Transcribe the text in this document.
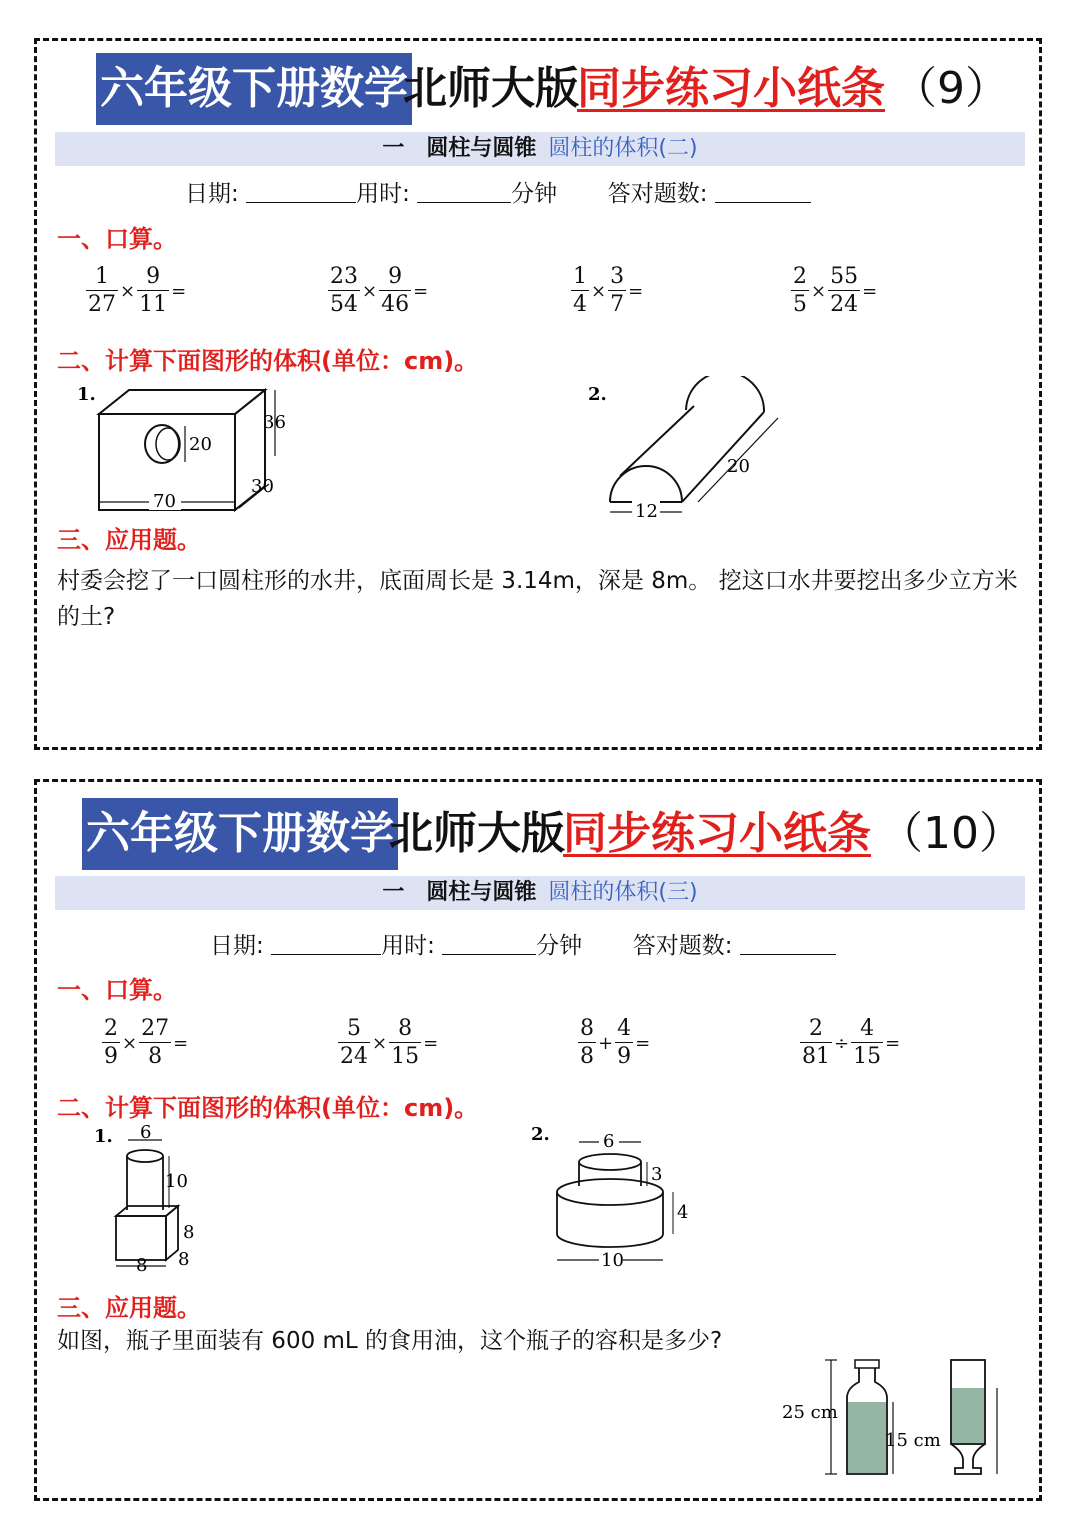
六年级下册数学
北师大版
同步练习小纸条 （9）
一　圆柱与圆锥 圆柱的体积(二)
日期:	用时:	分钟 答对题数:
一、口算。
$\frac{1}{27} \times \frac{9}{11}$ =	$\frac{23}{54} \times \frac{9}{46}$ =	$\frac{1}{4} \times \frac{3}{7}$ =	$\frac{2}{5} \times \frac{55}{24}$ =
二、计算下面图形的体积(单位：cm)。
1.
20
36
70
30
2.
20
12
三、应用题。
村委会挖了一口圆柱形的水井，底面周长是 3.14m，深是 8m。 挖这口水井要挖出多少立方米的土?
六年级下册数学
北师大版
同步练习小纸条 （10）
一　圆柱与圆锥 圆柱的体积(三)
日期:	用时:	分钟 答对题数:
一、口算。
$\frac{2}{9} \times \frac{27}{8}$ =	$\frac{5}{24} \times \frac{8}{15}$ =	$\frac{8}{8} + \frac{4}{9}$ =	$\frac{2}{81} \div \frac{4}{15}$ =
二、计算下面图形的体积(单位：cm)。
1. 6
10
8
8 8
2.	6
3
4
10
三、应用题。
如图，瓶子里面装有 600 mL 的食用油，这个瓶子的容积是多少?
25 cm
15 cm
